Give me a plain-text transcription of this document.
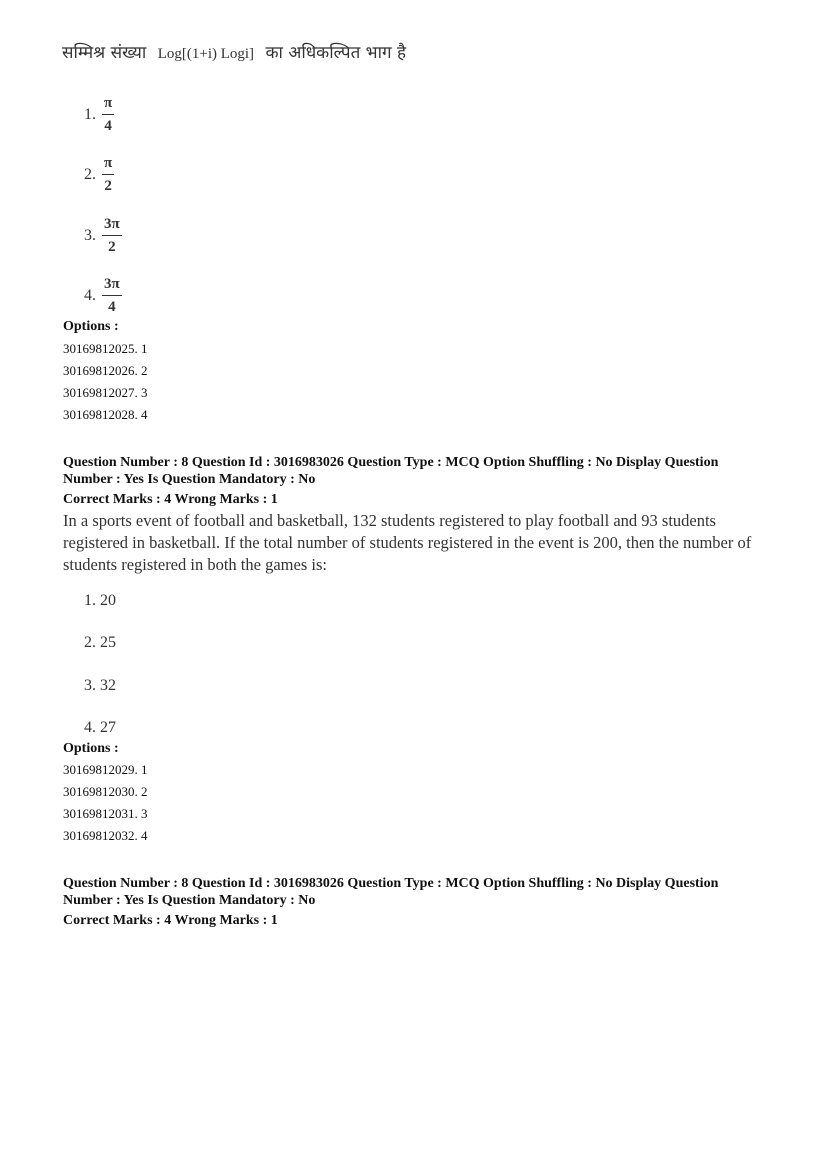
सम्मिश्र संख्या Log[(1+i) Logi] का अधिकल्पित भाग है
1. $\frac{\pi}{4}$
2. $\frac{\pi}{2}$
3. $\frac{3\pi}{2}$
4. $\frac{3\pi}{4}$
Options :
30169812025. 1
30169812026. 2
30169812027. 3
30169812028. 4
Question Number : 8 Question Id : 3016983026 Question Type : MCQ Option Shuffling : No Display Question
Number : Yes Is Question Mandatory : No
Correct Marks : 4 Wrong Marks : 1
In a sports event of football and basketball, 132 students registered to play football and 93 students registered in basketball. If the total number of students registered in the event is 200, then the number of students registered in both the games is:
1. 20
2. 25
3. 32
4. 27
Options :
30169812029. 1
30169812030. 2
30169812031. 3
30169812032. 4
Question Number : 8 Question Id : 3016983026 Question Type : MCQ Option Shuffling : No Display Question
Number : Yes Is Question Mandatory : No
Correct Marks : 4 Wrong Marks : 1
